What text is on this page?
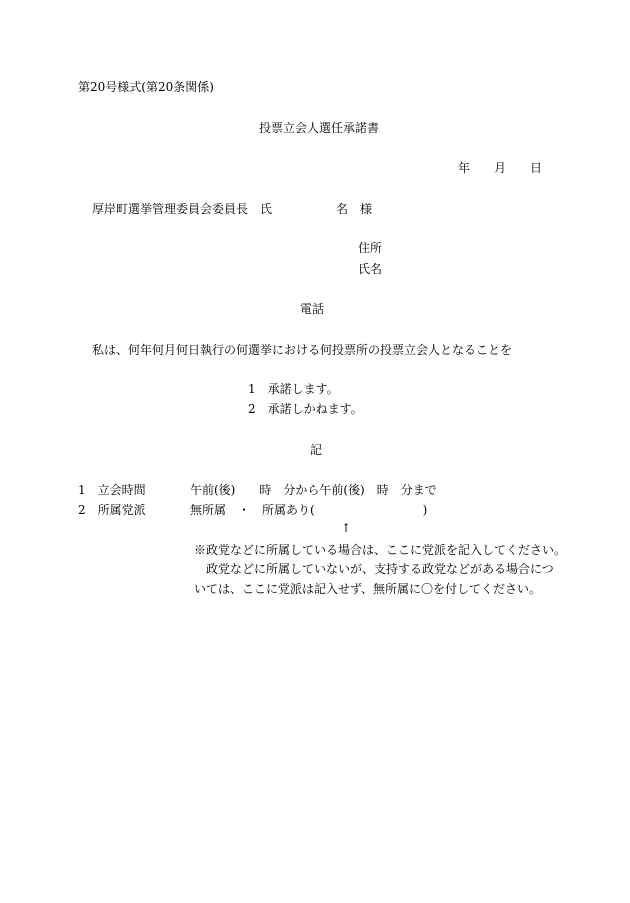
第20号様式(第20条関係)
投票立会人選任承諾書
年 月 日
厚岸町選挙管理委員会委員長　氏	名　様
住所
氏名
電話
私は、何年何月何日執行の何選挙における何投票所の投票立会人となることを
1　承諾します。
2　承諾しかねます。
記
1　立会時間	午前(後)　　時　分から午前(後)　時　分まで
2　所属党派	無所属　・　所属あり(　　　　　　　　　)
↑
※政党などに所属している場合は、ここに党派を記入してください。
政党などに所属していないが、支持する政党などがある場合につ
いては、ここに党派は記入せず、無所属に〇を付してください。
